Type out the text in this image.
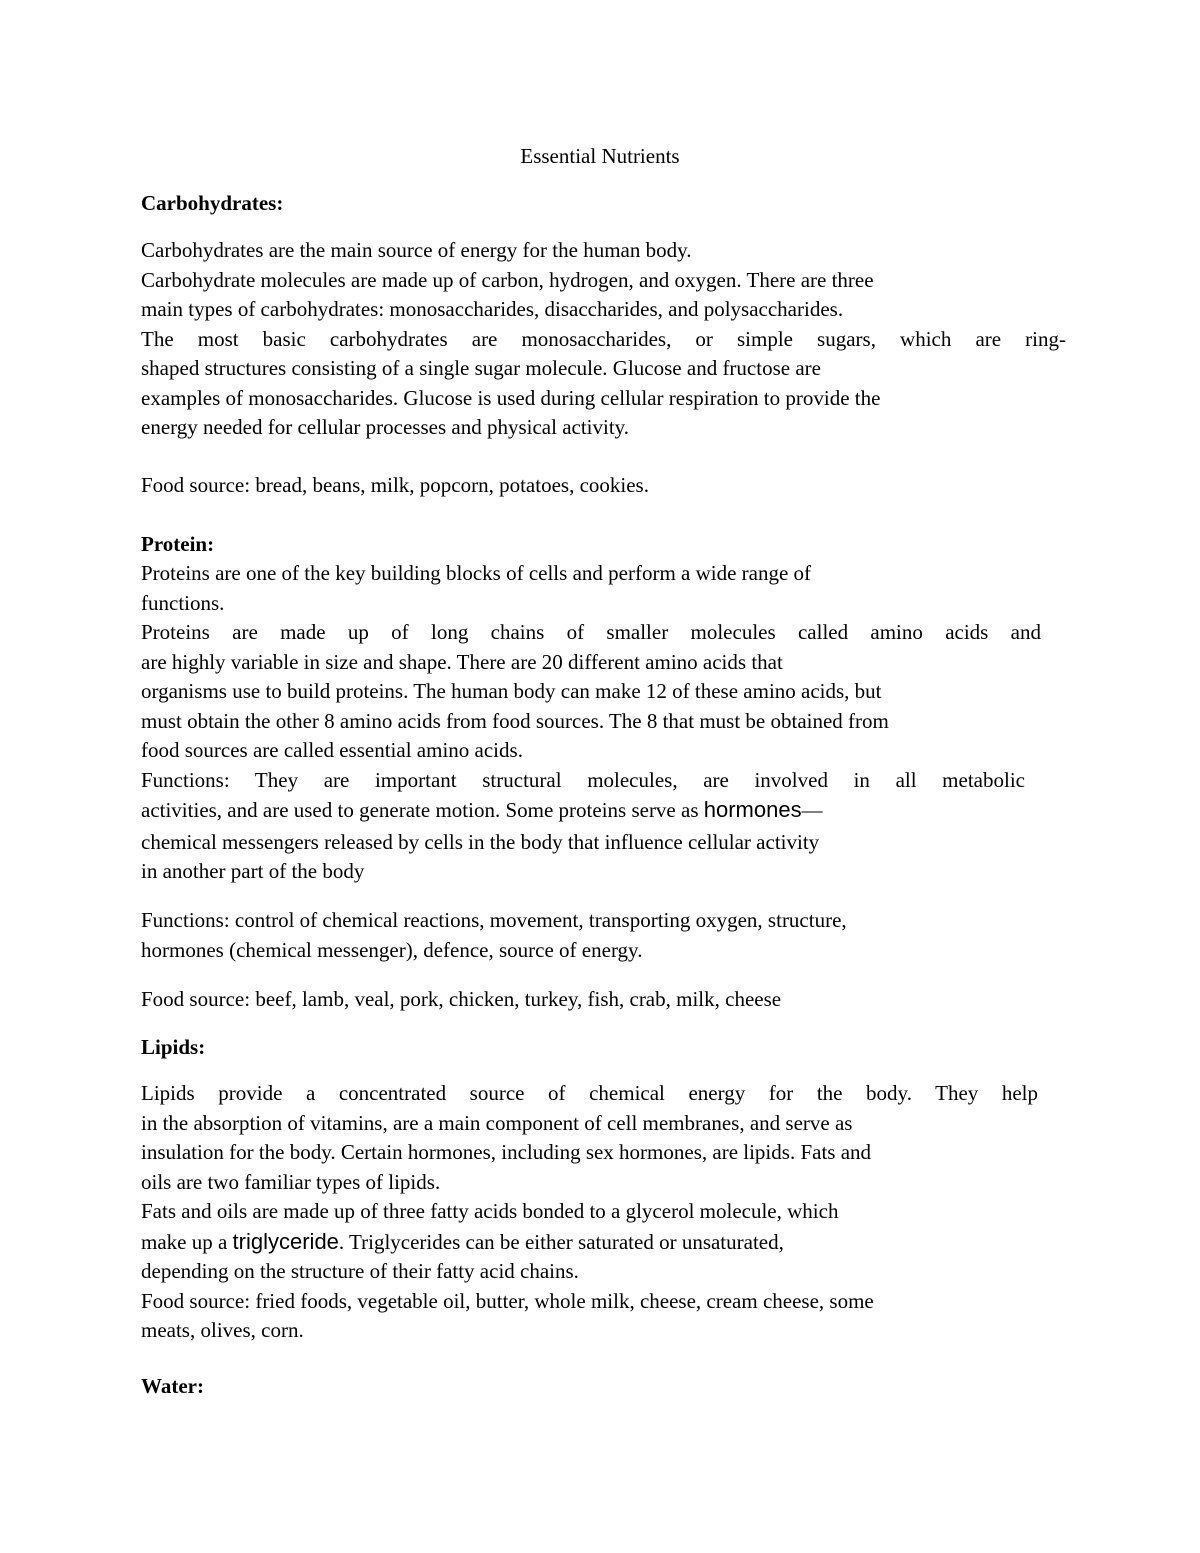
Essential Nutrients

Carbohydrates:

Carbohydrates are the main source of energy for the human body.
Carbohydrate molecules are made up of carbon, hydrogen, and oxygen. There are three
main types of carbohydrates: monosaccharides, disaccharides, and polysaccharides.
The most basic carbohydrates are monosaccharides, or simple sugars, which are ring-
shaped structures consisting of a single sugar molecule. Glucose and fructose are
examples of monosaccharides. Glucose is used during cellular respiration to provide the
energy needed for cellular processes and physical activity.

Food source: bread, beans, milk, popcorn, potatoes, cookies.

Protein:

Proteins are one of the key building blocks of cells and perform a wide range of
functions.
Proteins are made up of long chains of smaller molecules called amino acids and
are highly variable in size and shape. There are 20 different amino acids that
organisms use to build proteins. The human body can make 12 of these amino acids, but
must obtain the other 8 amino acids from food sources. The 8 that must be obtained from
food sources are called essential amino acids.
Functions: They are important structural molecules, are involved in all metabolic
activities, and are used to generate motion. Some proteins serve as hormones—
chemical messengers released by cells in the body that influence cellular activity
in another part of the body
Functions: control of chemical reactions, movement, transporting oxygen, structure,
hormones (chemical messenger), defence, source of energy.

Food source: beef, lamb, veal, pork, chicken, turkey, fish, crab, milk, cheese

Lipids:

Lipids provide a concentrated source of chemical energy for the body. They help
in the absorption of vitamins, are a main component of cell membranes, and serve as
insulation for the body. Certain hormones, including sex hormones, are lipids. Fats and
oils are two familiar types of lipids.
Fats and oils are made up of three fatty acids bonded to a glycerol molecule, which
make up a triglyceride. Triglycerides can be either saturated or unsaturated,
depending on the structure of their fatty acid chains.
Food source: fried foods, vegetable oil, butter, whole milk, cheese, cream cheese, some
meats, olives, corn.

Water:
